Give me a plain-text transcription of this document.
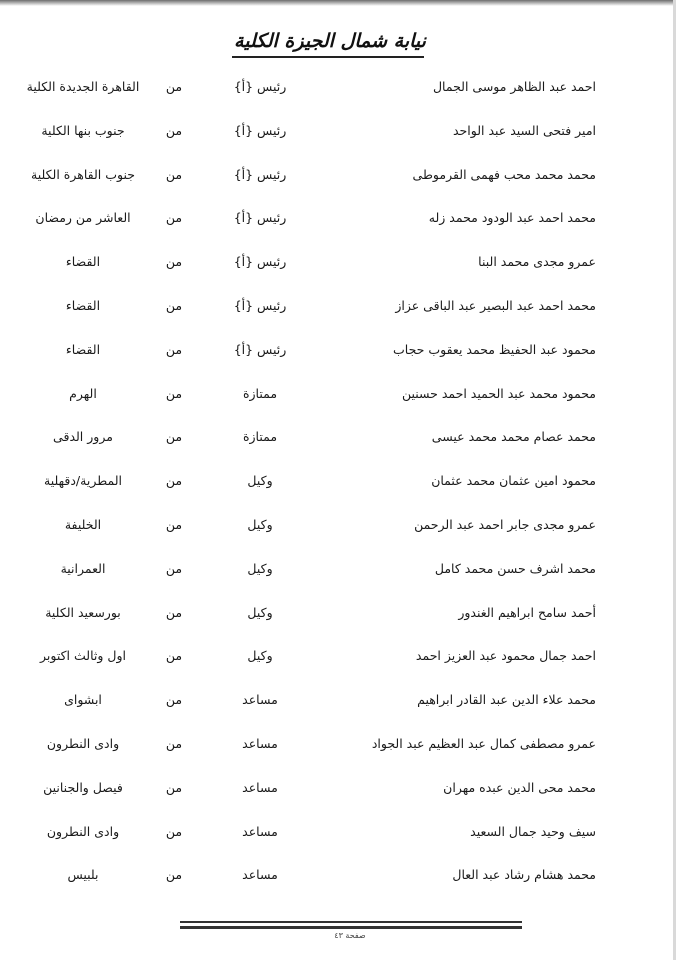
نيابة شمال الجيزة الكلية
احمد عبد الظاهر موسى الجمال
رئيس {أ}
من
القاهرة الجديدة الكلية
امير فتحى السيد عبد الواحد
رئيس {أ}
من
جنوب بنها الكلية
محمد محمد محب فهمى القرموطى
رئيس {أ}
من
جنوب القاهرة الكلية
محمد احمد عبد الودود محمد زله
رئيس {أ}
من
العاشر من رمضان
عمرو مجدى محمد البنا
رئيس {أ}
من
القضاء
محمد احمد عبد البصير عبد الباقى عزاز
رئيس {أ}
من
القضاء
محمود عبد الحفيظ محمد يعقوب حجاب
رئيس {أ}
من
القضاء
محمود محمد عبد الحميد احمد حسنين
ممتازة
من
الهرم
محمد عصام محمد محمد عيسى
ممتازة
من
مرور الدقى
محمود امين عثمان محمد عثمان
وكيل
من
المطرية/دقهلية
عمرو مجدى جابر احمد عبد الرحمن
وكيل
من
الخليفة
محمد اشرف حسن محمد كامل
وكيل
من
العمرانية
أحمد سامح ابراهيم الغندور
وكيل
من
بورسعيد الكلية
احمد جمال محمود عبد العزيز احمد
وكيل
من
اول وثالث اكتوبر
محمد علاء الدين عبد القادر ابراهيم
مساعد
من
ابشواى
عمرو مصطفى كمال عبد العظيم عبد الجواد
مساعد
من
وادى النطرون
محمد محى الدين عبده مهران
مساعد
من
فيصل والجنانين
سيف وحيد جمال السعيد
مساعد
من
وادى النطرون
محمد هشام رشاد عبد العال
مساعد
من
بلبيس
صفحة ٤٣
